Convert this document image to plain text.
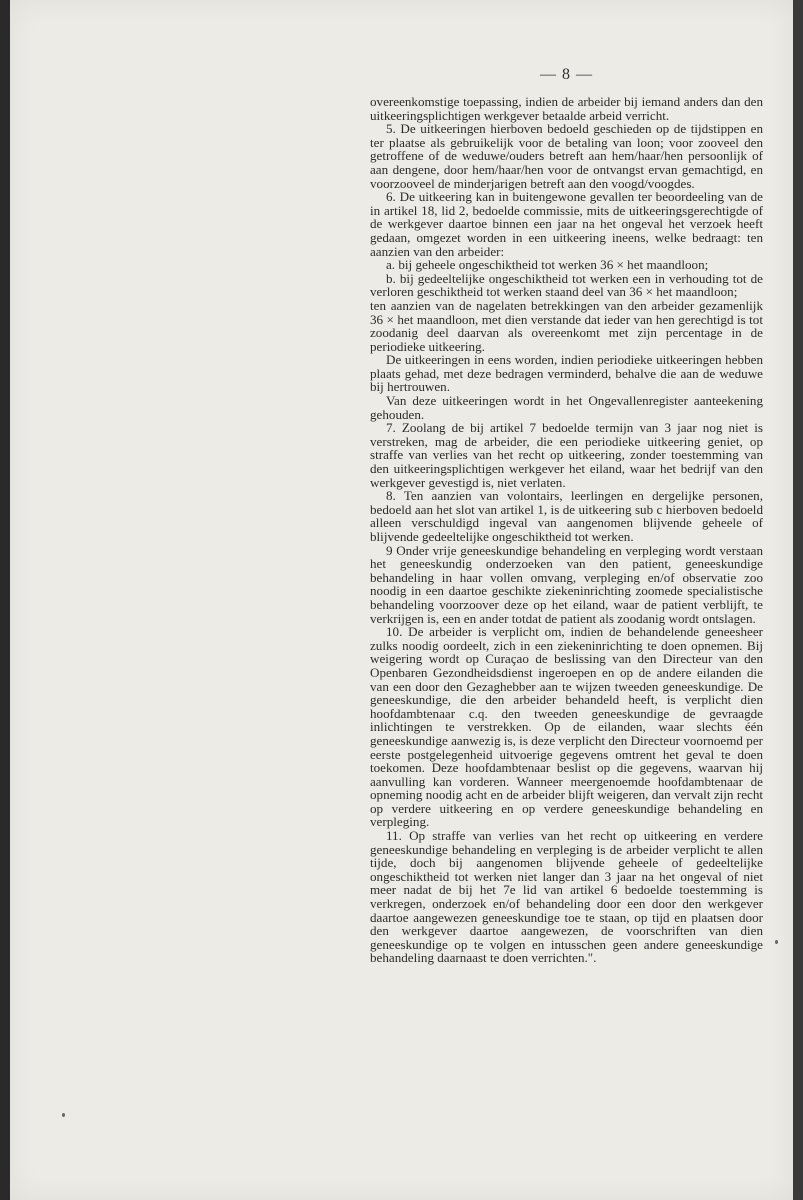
— 8 —

overeenkomstige toepassing, indien de arbeider bij iemand anders dan den uitkeeringsplichtigen werkgever betaalde arbeid verricht.

5. De uitkeeringen hierboven bedoeld geschieden op de tijdstippen en ter plaatse als gebruikelijk voor de betaling van loon; voor zooveel den getroffene of de weduwe/ouders betreft aan hem/haar/hen persoonlijk of aan dengene, door hem/haar/hen voor de ontvangst ervan gemachtigd, en voorzooveel de minderjarigen betreft aan den voogd/voogdes.

6. De uitkeering kan in buitengewone gevallen ter beoordeeling van de in artikel 18, lid 2, bedoelde commissie, mits de uitkeeringsgerechtigde of de werkgever daartoe binnen een jaar na het ongeval het verzoek heeft gedaan, omgezet worden in een uitkeering ineens, welke bedraagt: ten aanzien van den arbeider:

a. bij geheele ongeschiktheid tot werken 36 × het maandloon;

b. bij gedeeltelijke ongeschiktheid tot werken een in verhouding tot de verloren geschiktheid tot werken staand deel van 36 × het maandloon;

ten aanzien van de nagelaten betrekkingen van den arbeider gezamenlijk 36 × het maandloon, met dien verstande dat ieder van hen gerechtigd is tot zoodanig deel daarvan als overeenkomt met zijn percentage in de periodieke uitkeering.

De uitkeeringen in eens worden, indien periodieke uitkeeringen hebben plaats gehad, met deze bedragen verminderd, behalve die aan de weduwe bij hertrouwen.

Van deze uitkeeringen wordt in het Ongevallenregister aanteekening gehouden.

7. Zoolang de bij artikel 7 bedoelde termijn van 3 jaar nog niet is verstreken, mag de arbeider, die een periodieke uitkeering geniet, op straffe van verlies van het recht op uitkeering, zonder toestemming van den uitkeeringsplichtigen werkgever het eiland, waar het bedrijf van den werkgever gevestigd is, niet verlaten.

8. Ten aanzien van volontairs, leerlingen en dergelijke personen, bedoeld aan het slot van artikel 1, is de uitkeering sub c hierboven bedoeld alleen verschuldigd ingeval van aangenomen blijvende geheele of blijvende gedeeltelijke ongeschiktheid tot werken.

9 Onder vrije geneeskundige behandeling en verpleging wordt verstaan het geneeskundig onderzoeken van den patient, geneeskundige behandeling in haar vollen omvang, verpleging en/of observatie zoo noodig in een daartoe geschikte ziekeninrichting zoomede specialistische behandeling voorzoover deze op het eiland, waar de patient verblijft, te verkrijgen is, een en ander totdat de patient als zoodanig wordt ontslagen.

10. De arbeider is verplicht om, indien de behandelende geneesheer zulks noodig oordeelt, zich in een ziekeninrichting te doen opnemen. Bij weigering wordt op Curaçao de beslissing van den Directeur van den Openbaren Gezondheidsdienst ingeroepen en op de andere eilanden die van een door den Gezaghebber aan te wijzen tweeden geneeskundige. De geneeskundige, die den arbeider behandeld heeft, is verplicht dien hoofdambtenaar c.q. den tweeden geneeskundige de gevraagde inlichtingen te verstrekken. Op de eilanden, waar slechts één geneeskundige aanwezig is, is deze verplicht den Directeur voornoemd per eerste postgelegenheid uitvoerige gegevens omtrent het geval te doen toekomen. Deze hoofdambtenaar beslist op die gegevens, waarvan hij aanvulling kan vorderen. Wanneer meergenoemde hoofdambtenaar de opneming noodig acht en de arbeider blijft weigeren, dan vervalt zijn recht op verdere uitkeering en op verdere geneeskundige behandeling en verpleging.

11. Op straffe van verlies van het recht op uitkeering en verdere geneeskundige behandeling en verpleging is de arbeider verplicht te allen tijde, doch bij aangenomen blijvende geheele of gedeeltelijke ongeschiktheid tot werken niet langer dan 3 jaar na het ongeval of niet meer nadat de bij het 7e lid van artikel 6 bedoelde toestemming is verkregen, onderzoek en/of behandeling door een door den werkgever daartoe aangewezen geneeskundige toe te staan, op tijd en plaatsen door den werkgever daartoe aangewezen, de voorschriften van dien geneeskundige op te volgen en intusschen geen andere geneeskundige behandeling daarnaast te doen verrichten.".
